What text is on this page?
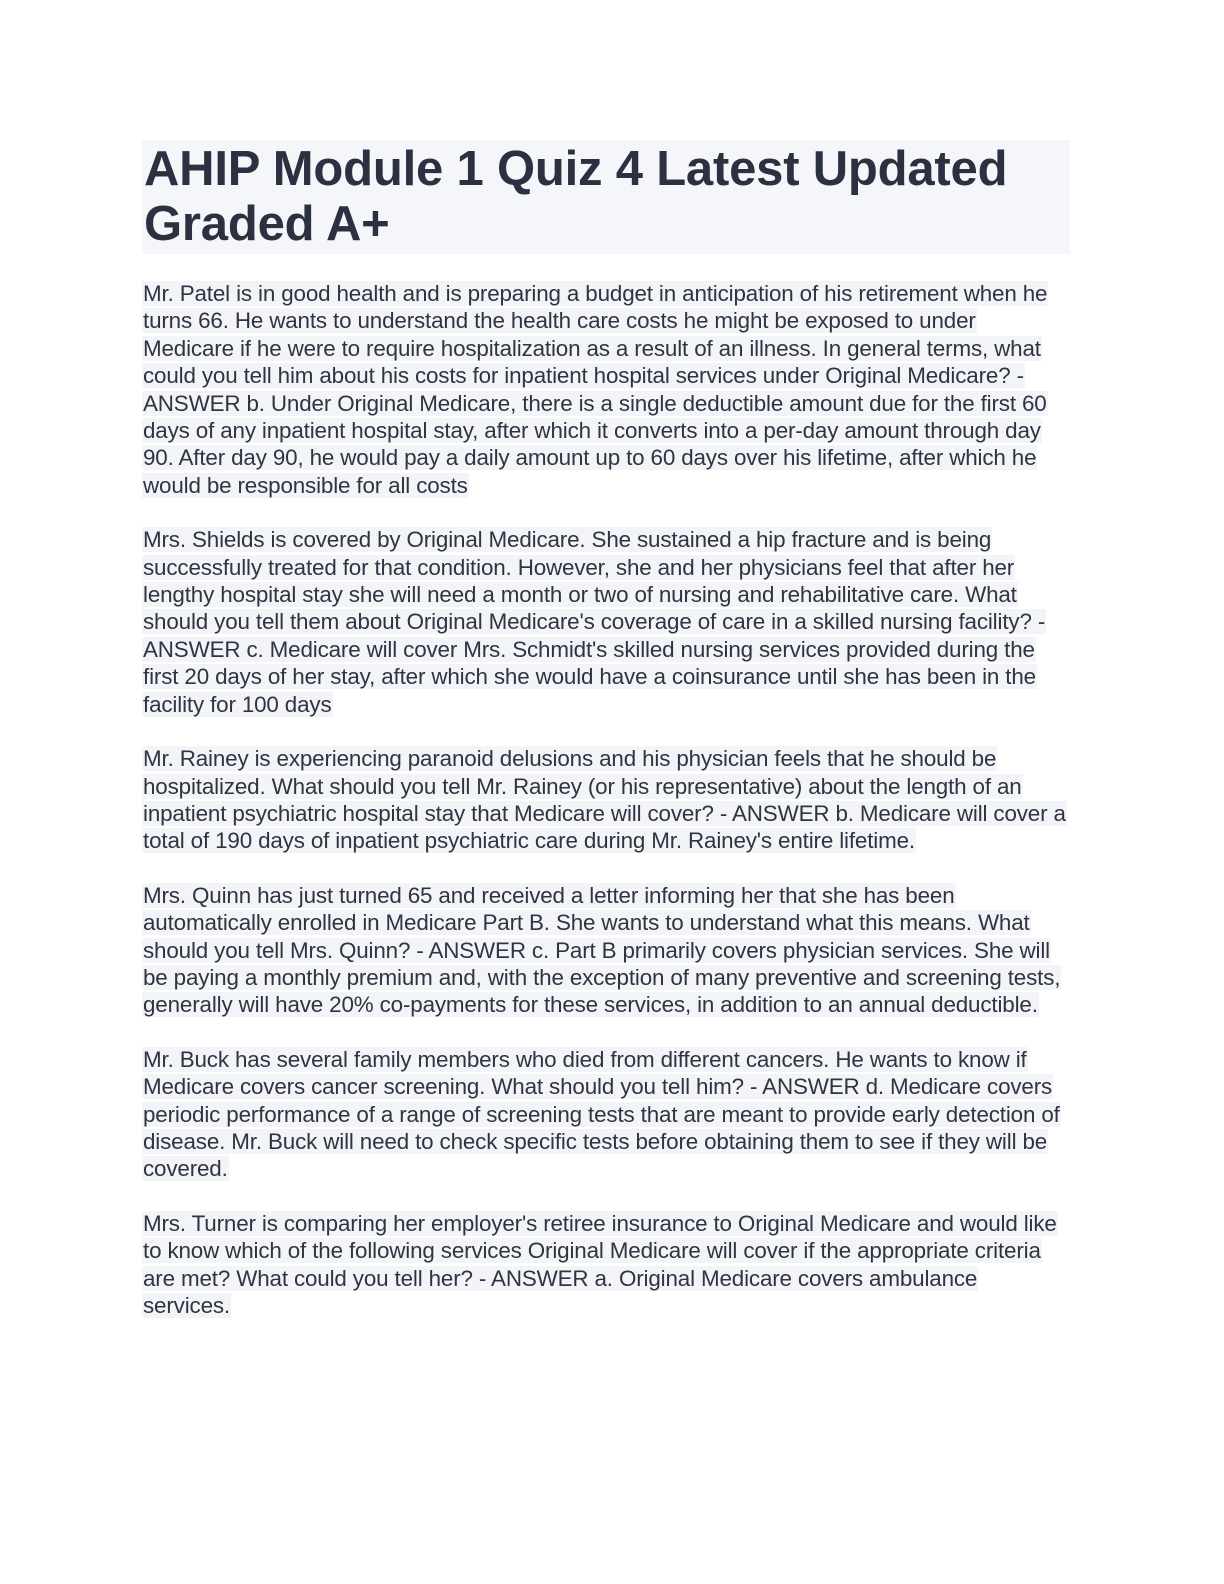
AHIP Module 1 Quiz 4 Latest Updated Graded A+

Mr. Patel is in good health and is preparing a budget in anticipation of his retirement when he turns 66. He wants to understand the health care costs he might be exposed to under Medicare if he were to require hospitalization as a result of an illness. In general terms, what could you tell him about his costs for inpatient hospital services under Original Medicare? - ANSWER b. Under Original Medicare, there is a single deductible amount due for the first 60 days of any inpatient hospital stay, after which it converts into a per-day amount through day 90. After day 90, he would pay a daily amount up to 60 days over his lifetime, after which he would be responsible for all costs

Mrs. Shields is covered by Original Medicare. She sustained a hip fracture and is being successfully treated for that condition. However, she and her physicians feel that after her lengthy hospital stay she will need a month or two of nursing and rehabilitative care. What should you tell them about Original Medicare's coverage of care in a skilled nursing facility? - ANSWER c. Medicare will cover Mrs. Schmidt's skilled nursing services provided during the first 20 days of her stay, after which she would have a coinsurance until she has been in the facility for 100 days

Mr. Rainey is experiencing paranoid delusions and his physician feels that he should be hospitalized. What should you tell Mr. Rainey (or his representative) about the length of an inpatient psychiatric hospital stay that Medicare will cover? - ANSWER b. Medicare will cover a total of 190 days of inpatient psychiatric care during Mr. Rainey's entire lifetime.

Mrs. Quinn has just turned 65 and received a letter informing her that she has been automatically enrolled in Medicare Part B. She wants to understand what this means. What should you tell Mrs. Quinn? - ANSWER c. Part B primarily covers physician services. She will be paying a monthly premium and, with the exception of many preventive and screening tests, generally will have 20% co-payments for these services, in addition to an annual deductible.

Mr. Buck has several family members who died from different cancers. He wants to know if Medicare covers cancer screening. What should you tell him? - ANSWER d. Medicare covers periodic performance of a range of screening tests that are meant to provide early detection of disease. Mr. Buck will need to check specific tests before obtaining them to see if they will be covered.

Mrs. Turner is comparing her employer's retiree insurance to Original Medicare and would like to know which of the following services Original Medicare will cover if the appropriate criteria are met? What could you tell her? - ANSWER a. Original Medicare covers ambulance services.
